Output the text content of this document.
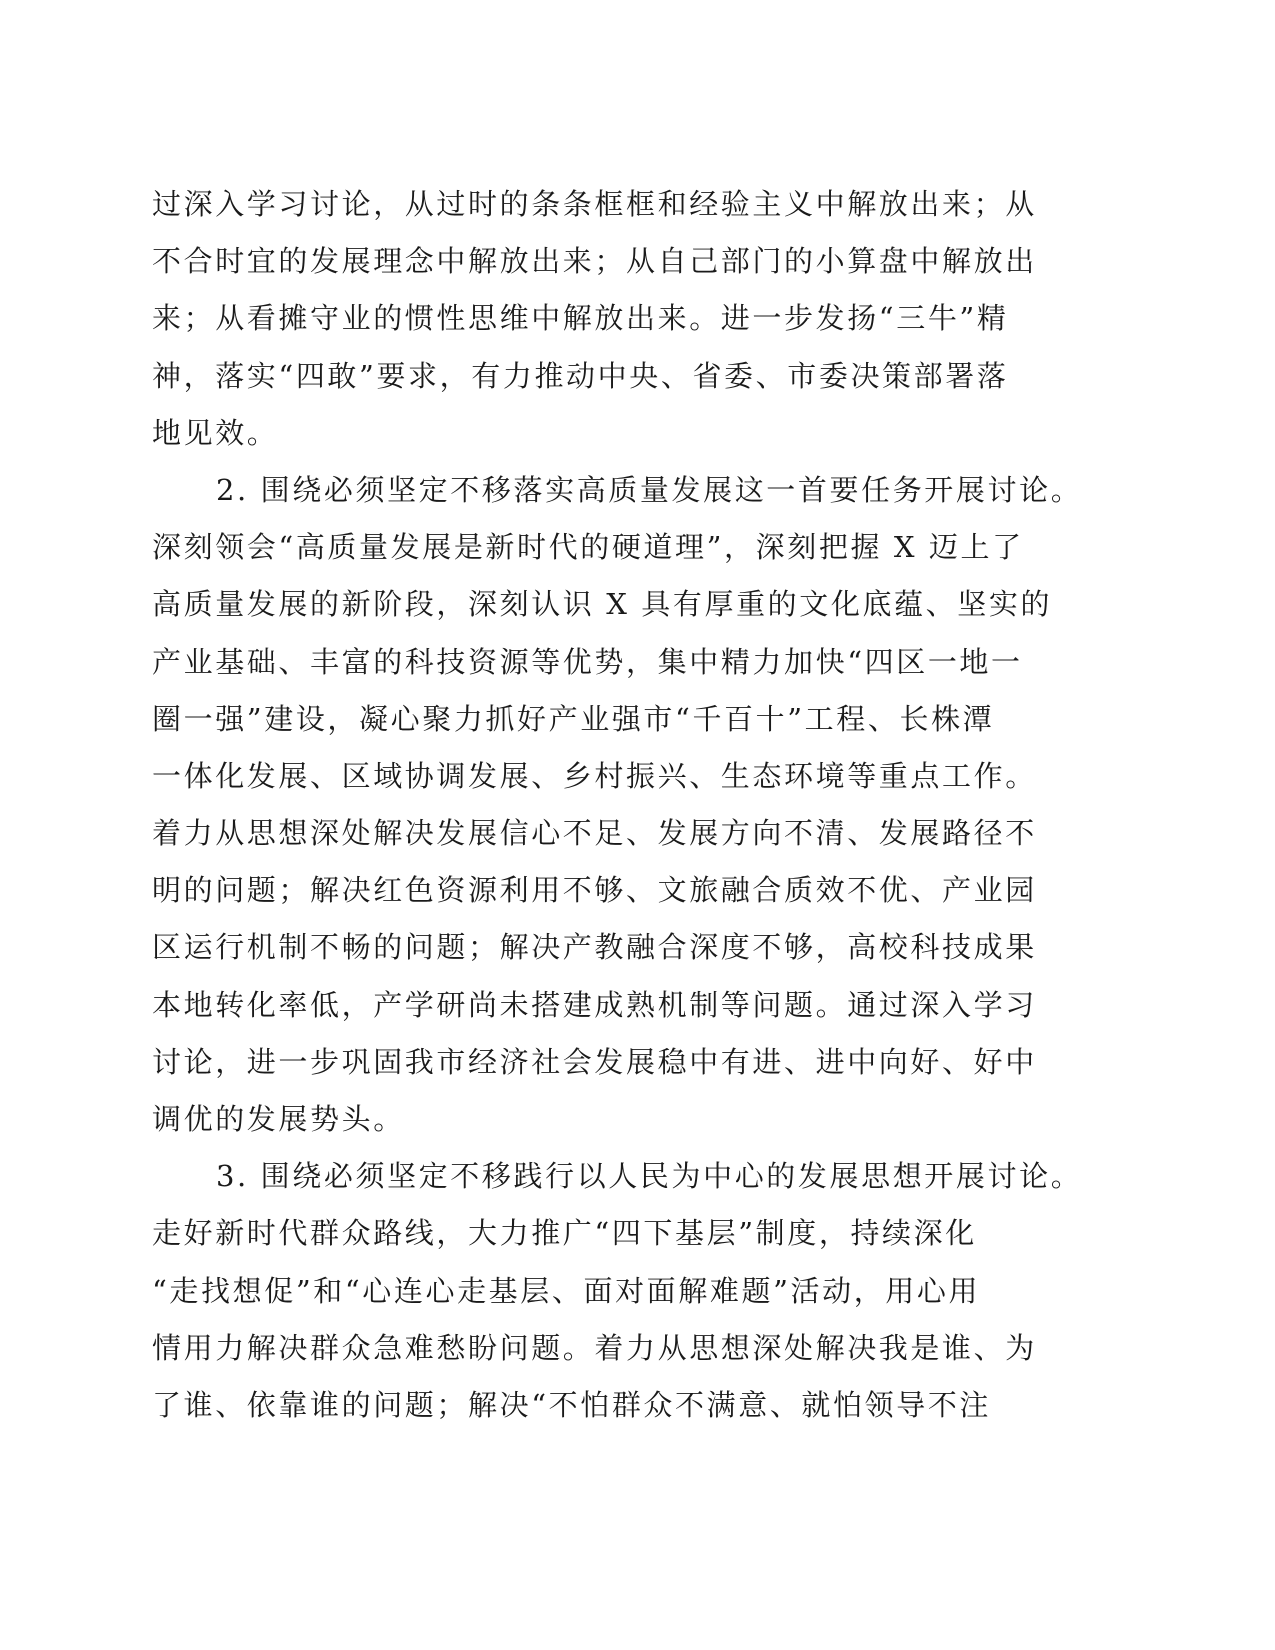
过深入学习讨论，从过时的条条框框和经验主义中解放出来；从
不合时宜的发展理念中解放出来；从自己部门的小算盘中解放出
来；从看摊守业的惯性思维中解放出来。进一步发扬“三牛”精
神，落实“四敢”要求，有力推动中央、省委、市委决策部署落
地见效。
2. 围绕必须坚定不移落实高质量发展这一首要任务开展讨论。
深刻领会“高质量发展是新时代的硬道理”，深刻把握 X 迈上了
高质量发展的新阶段，深刻认识 X 具有厚重的文化底蕴、坚实的
产业基础、丰富的科技资源等优势，集中精力加快“四区一地一
圈一强”建设，凝心聚力抓好产业强市“千百十”工程、长株潭
一体化发展、区域协调发展、乡村振兴、生态环境等重点工作。
着力从思想深处解决发展信心不足、发展方向不清、发展路径不
明的问题；解决红色资源利用不够、文旅融合质效不优、产业园
区运行机制不畅的问题；解决产教融合深度不够，高校科技成果
本地转化率低，产学研尚未搭建成熟机制等问题。通过深入学习
讨论，进一步巩固我市经济社会发展稳中有进、进中向好、好中
调优的发展势头。
3. 围绕必须坚定不移践行以人民为中心的发展思想开展讨论。
走好新时代群众路线，大力推广“四下基层”制度，持续深化
“走找想促”和“心连心走基层、面对面解难题”活动，用心用
情用力解决群众急难愁盼问题。着力从思想深处解决我是谁、为
了谁、依靠谁的问题；解决“不怕群众不满意、就怕领导不注
